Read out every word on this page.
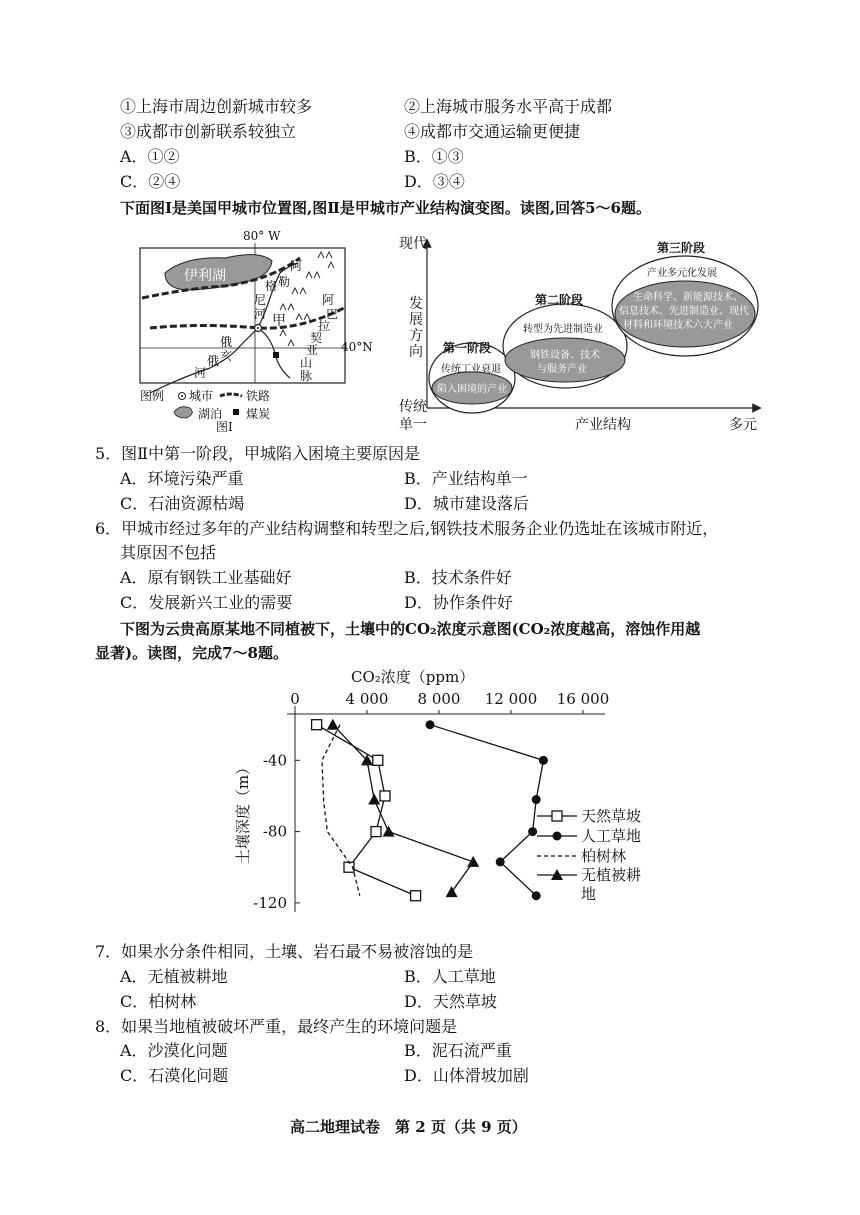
①上海市周边创新城市较多	②上海城市服务水平高于成都
③成都市创新联系较独立	④成都市交通运输更便捷
A．①②	B．①③
C．②④	D．③④
下面图Ⅰ是美国甲城市位置图,图Ⅱ是甲城市产业结构演变图。读图,回答5～6题。
80° W
40°N
伊利湖
甲
阿
勒
格
尼
河
俄
亥
俄
河
阿
巴
拉
契
亚
山
脉
图例 城市	铁路
湖泊 煤炭
图Ⅰ
现代
发
展
方
向
传统
单一	产业结构	多元
第一阶段
传统工业衰退
陷入困境的产业
第二阶段
转型为先进制造业
钢铁设备、技术
与服务产业
第三阶段
产业多元化发展
生命科学、新能源技术、
信息技术、先进制造业、现代
材料和环境技术六大产业
5．图Ⅱ中第一阶段，甲城陷入困境主要原因是
A．环境污染严重	B．产业结构单一
C．石油资源枯竭	D．城市建设落后
6．甲城市经过多年的产业结构调整和转型之后,钢铁技术服务企业仍选址在该城市附近，
其原因不包括
A．原有钢铁工业基础好	B．技术条件好
C．发展新兴工业的需要	D．协作条件好
下图为云贵高原某地不同植被下，土壤中的CO₂浓度示意图(CO₂浓度越高，溶蚀作用越
显著)。读图，完成7～8题。
CO₂浓度（ppm）
0	4 000 8 000 12 000 16 000
-40
-80
-120
土壤深度（m）	天然草坡
人工草地
柏树林
无植被耕
地
7．如果水分条件相同，土壤、岩石最不易被溶蚀的是
A．无植被耕地	B．人工草地
C．柏树林	D．天然草坡
8．如果当地植被破坏严重，最终产生的环境问题是
A．沙漠化问题	B．泥石流严重
C．石漠化问题	D．山体滑坡加剧
高二地理试卷　第 2 页（共 9 页）
